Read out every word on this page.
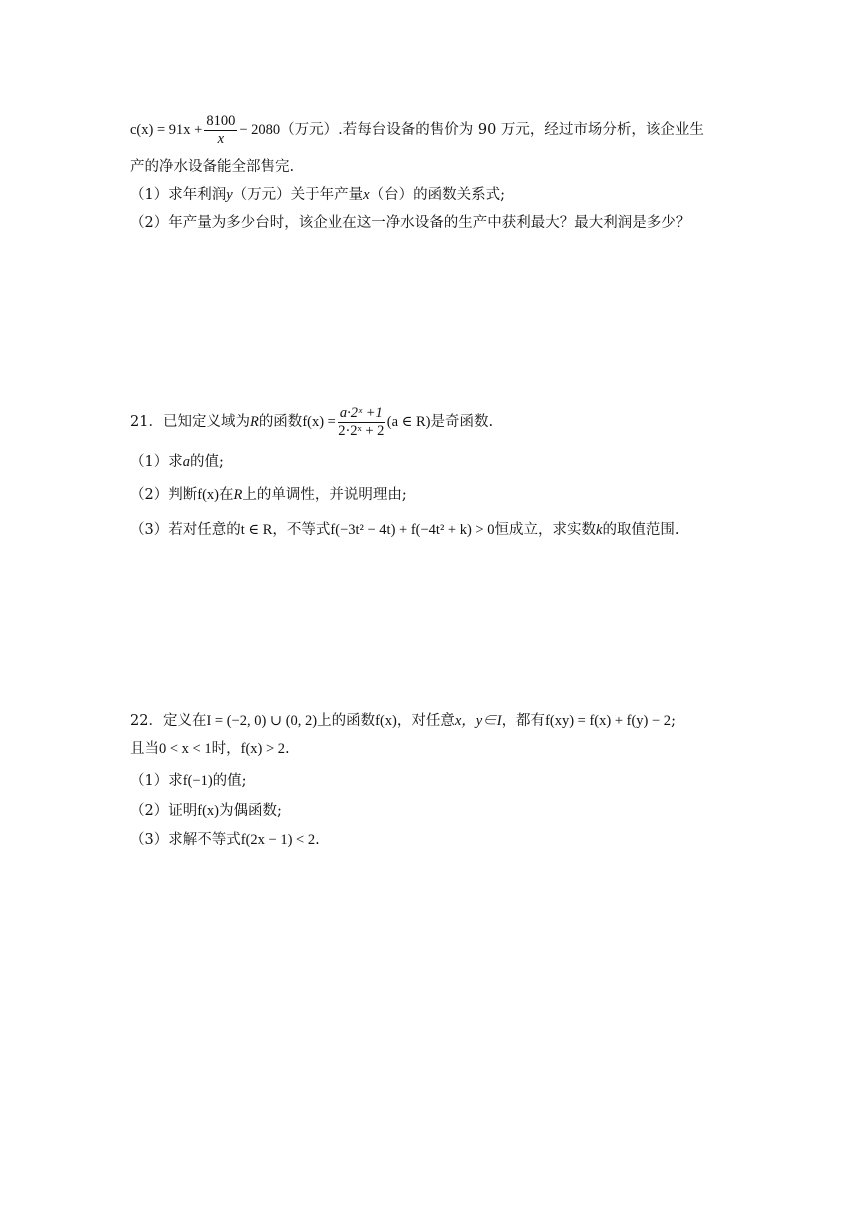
$c(x) = 91x + \frac{8100}{x} - 2080$（万元）.若每台设备的售价为 90 万元，经过市场分析，该企业生
产的净水设备能全部售完.
（1）求年利润y（万元）关于年产量x（台）的函数关系式;
（2）年产量为多少台时，该企业在这一净水设备的生产中获利最大？最大利润是多少？
21．已知定义域为R的函数$f(x) = \frac{\text{a·2ˣ +1}}{\text{2·2ˣ + 2}} (a$ ∈ R)是奇函数.
（1）求a的值;
（2）判断f(x)在R上的单调性，并说明理由;
（3）若对任意的t ∈ R，不等式f(−3t² − 4t) + f(−4t² + k) > 0恒成立，求实数k的取值范围.
22．定义在I = (−2, 0) ∪ (0, 2)上的函数f(x)，对任意x，y∈I，都有f(xy) = f(x) + f(y) − 2;
且当0 < x < 1时，f(x) > 2.
（1）求f(−1)的值;
（2）证明f(x)为偶函数;
（3）求解不等式f(2x − 1) < 2.
